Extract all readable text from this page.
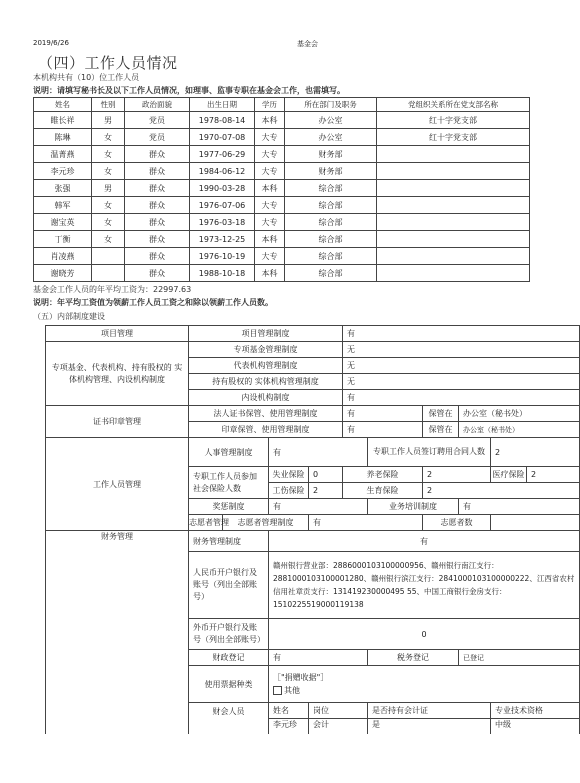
2019/6/26	基金会
（四）工作人员情况
本机构共有（10）位工作人员
说明：请填写秘书长及以下工作人员情况，如理事、监事专职在基金会工作，也需填写。
姓名	性别	政治面貌	出生日期	学历	所在部门及职务	党组织关系所在党支部名称
睢长祥	男	党员	1978-08-14	本科	办公室	红十字党支部
陈琳	女	党员	1970-07-08	大专	办公室	红十字党支部
温菁燕	女	群众	1977-06-29	大专	财务部	
李元珍	女	群众	1984-06-12	大专	财务部	
张强	男	群众	1990-03-28	本科	综合部	
韩军	女	群众	1976-07-06	大专	综合部	
谢宝英	女	群众	1976-03-18	大专	综合部	
丁衡	女	群众	1973-12-25	本科	综合部	
肖凌燕		群众	1976-10-19	大专	综合部	
谢晓芳		群众	1988-10-18	本科	综合部	
基金会工作人员的年平均工资为：22997.63
说明：年平均工资值为领薪工作人员工资之和除以领薪工作人员数。
（五）内部制度建设
项目管理	项目管理制度				有					
专项基金、代表机构、持有股权的 实体机构管理、内设机构制度	专项基金管理制度				无					
	代表机构管理制度				无					
	持有股权的 实体机构管理制度				无					
	内设机构制度				有					
证书印章管理	法人证书保管、使用管理制度				有		保管在	办公室（秘书处）		
	印章保管、使用管理制度				有		保管在	办公室（秘书处）		
工作人员管理	人事管理制度		有			专职工作人员签订聘用合同人数			2	
	专职工作人员参加社会保险人数		失业保险	0	养老保险		2		医疗保险	2
			工伤保险	2	生育保险		2			
	奖惩制度		有			业务培训制度		有		
	志愿者管理	志愿者管理制度		有			志愿者数			
财务管理	财务管理制度		有							
	人民币开户银行及账号（列出全部账号）		赣州银行营业部：2886000103100000956、赣州银行南江支行：2881000103100001280、赣州银行滨江支行：2841000103100000222、江西省农村信用社章贡支行：131419230000495 55、中国工商银行金房支行：1510225519000119138							
	外币开户银行及账号（列出全部账号）		0							
	财政登记		有			税务登记		已登记		
	使用票据种类		［"捐赠收据"］
其他							

	财会人员		姓名	岗位		是否持有会计证			专业技术资格	
			李元珍	会计		是			中级	
